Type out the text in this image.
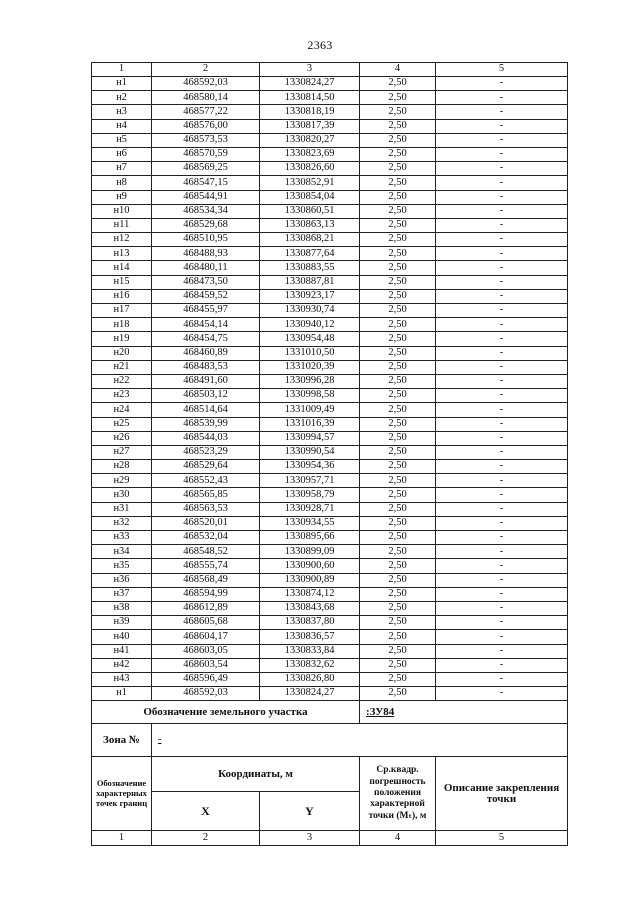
2363
1	2	3	4	5
н1	468592,03	1330824,27	2,50	-
н2	468580,14	1330814,50	2,50	-
н3	468577,22	1330818,19	2,50	-
н4	468576,00	1330817,39	2,50	-
н5	468573,53	1330820,27	2,50	-
н6	468570,59	1330823,69	2,50	-
н7	468569,25	1330826,60	2,50	-
н8	468547,15	1330852,91	2,50	-
н9	468544,91	1330854,04	2,50	-
н10	468534,34	1330860,51	2,50	-
н11	468529,68	1330863,13	2,50	-
н12	468510,95	1330868,21	2,50	-
н13	468488,93	1330877,64	2,50	-
н14	468480,11	1330883,55	2,50	-
н15	468473,50	1330887,81	2,50	-
н16	468459,52	1330923,17	2,50	-
н17	468455,97	1330930,74	2,50	-
н18	468454,14	1330940,12	2,50	-
н19	468454,75	1330954,48	2,50	-
н20	468460,89	1331010,50	2,50	-
н21	468483,53	1331020,39	2,50	-
н22	468491,60	1330996,28	2,50	-
н23	468503,12	1330998,58	2,50	-
н24	468514,64	1331009,49	2,50	-
н25	468539,99	1331016,39	2,50	-
н26	468544,03	1330994,57	2,50	-
н27	468523,29	1330990,54	2,50	-
н28	468529,64	1330954,36	2,50	-
н29	468552,43	1330957,71	2,50	-
н30	468565,85	1330958,79	2,50	-
н31	468563,53	1330928,71	2,50	-
н32	468520,01	1330934,55	2,50	-
н33	468532,04	1330895,66	2,50	-
н34	468548,52	1330899,09	2,50	-
н35	468555,74	1330900,60	2,50	-
н36	468568,49	1330900,89	2,50	-
н37	468594,99	1330874,12	2,50	-
н38	468612,89	1330843,68	2,50	-
н39	468605,68	1330837,80	2,50	-
н40	468604,17	1330836,57	2,50	-
н41	468603,05	1330833,84	2,50	-
н42	468603,54	1330832,62	2,50	-
н43	468596,49	1330826,80	2,50	-
н1	468592,03	1330824,27	2,50	-
Обозначение земельного участка			:ЗУ84	
Зона №	-			
Обозначение характерных точек границ	Координаты, м		Ср.квадр. погрешность положения характерной точки (Mₜ), м	Описание закрепления точки
	X	Y		
1	2	3	4	5
